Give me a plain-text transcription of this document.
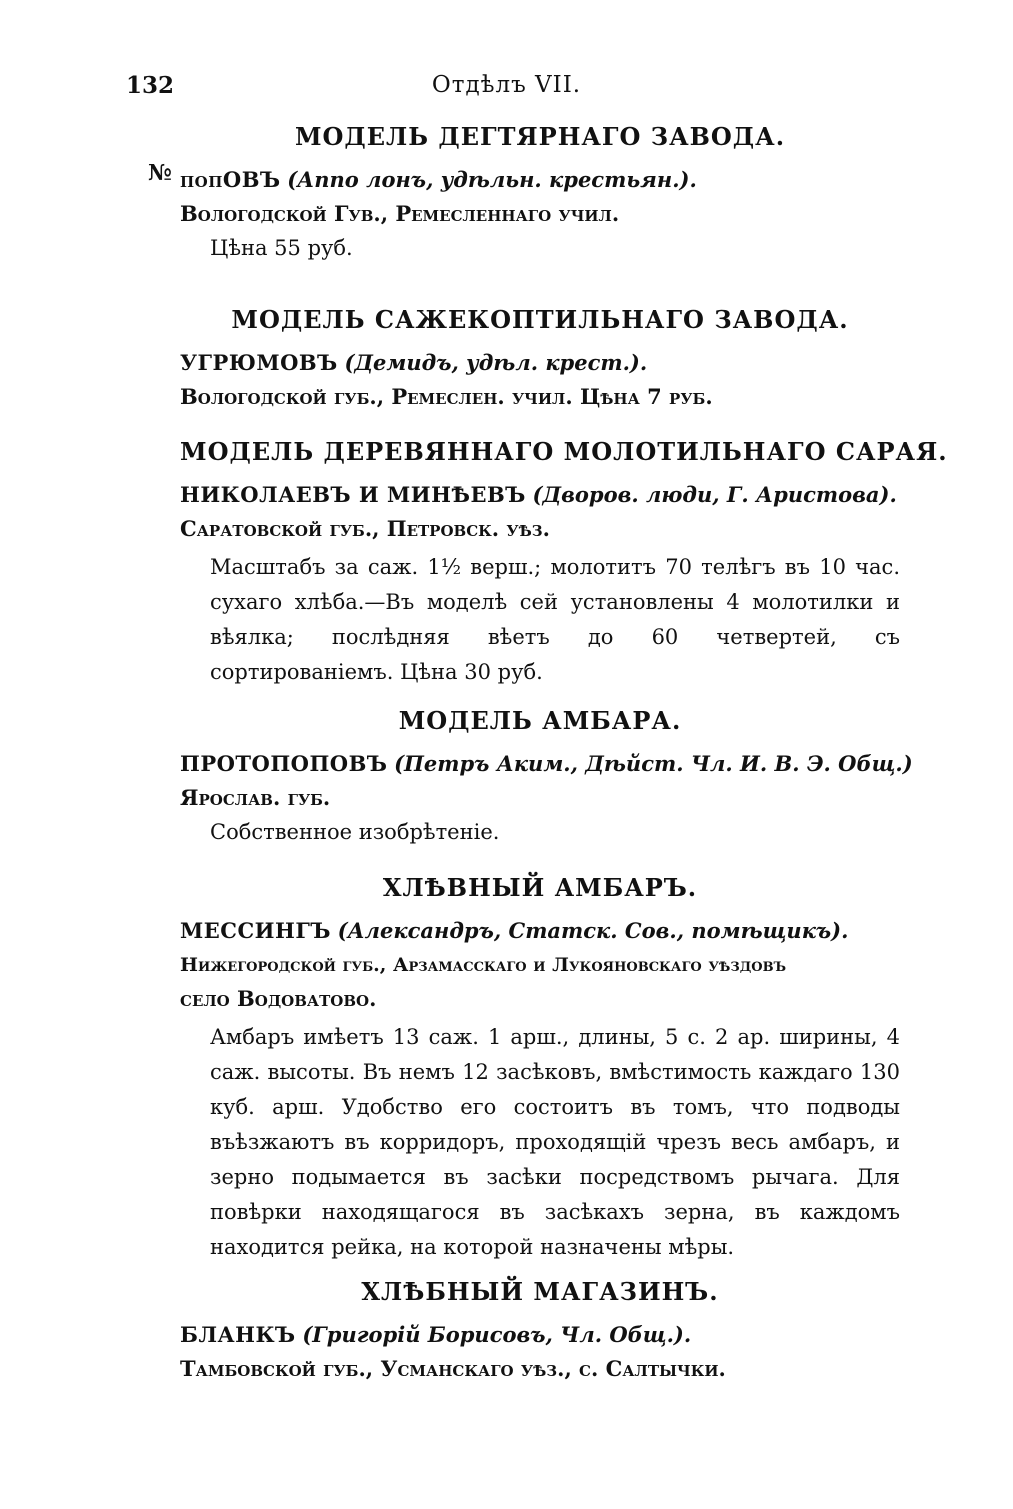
132	Отдѣлъ VII.
№
МОДЕЛЬ ДЕГТЯРНАГО ЗАВОДА.
попОВЪ (Аппо лонъ, удѣльн. крестьян.).
Вологодской Гув., Ремесленнаго учил.
Цѣна 55 руб.
МОДЕЛЬ САЖЕКОПТИЛЬНАГО ЗАВОДА.
УГРЮМОВЪ (Демидъ, удѣл. крест.).
Вологодской губ., Ремеслен. учил. Цѣна 7 руб.
МОДЕЛЬ ДЕРЕВЯННАГО МОЛОТИЛЬНАГО САРАЯ.
НИКОЛАЕВЪ И МИНѢЕВЪ (Дворов. люди, Г. Аристова).
Саратовской губ., Петровск. уѣз.
Масштабъ за саж. 1½ верш.; молотитъ 70 телѣгъ въ 10 час. сухаго хлѣба.—Въ моделѣ сей установлены 4 молотилки и вѣялка; послѣдняя вѣетъ до 60 четвертей, съ сортированіемъ. Цѣна 30 руб.
МОДЕЛЬ АМБАРА.
ПРОТОПОПОВЪ (Петръ Аким., Дѣйст. Чл. И. В. Э. Общ.)
Ярослав. губ.
Собственное изобрѣтеніе.
ХЛѢВНЫЙ АМБАРЪ.
МЕССИНГЪ (Александръ, Статск. Сов., помѣщикъ).
Нижегородской губ., Арзамасскаго и Лукояновскаго уѣздовъ
село Водоватово.
Амбаръ имѣетъ 13 саж. 1 арш., длины, 5 с. 2 ар. ширины, 4 саж. высоты. Въ немъ 12 засѣковъ, вмѣстимость каждаго 130 куб. арш. Удобство его состоитъ въ томъ, что подводы въѣзжаютъ въ корридоръ, проходящій чрезъ весь амбаръ, и зерно подымается въ засѣки посредствомъ рычага. Для повѣрки находящагося въ засѣкахъ зерна, въ каждомъ находится рейка, на которой назначены мѣры.
ХЛѢБНЫЙ МАГАЗИНЪ.
БЛАНКЪ (Григорій Борисовъ, Чл. Общ.).
Тамбовской губ., Усманскаго уѣз., с. Салтычки.
